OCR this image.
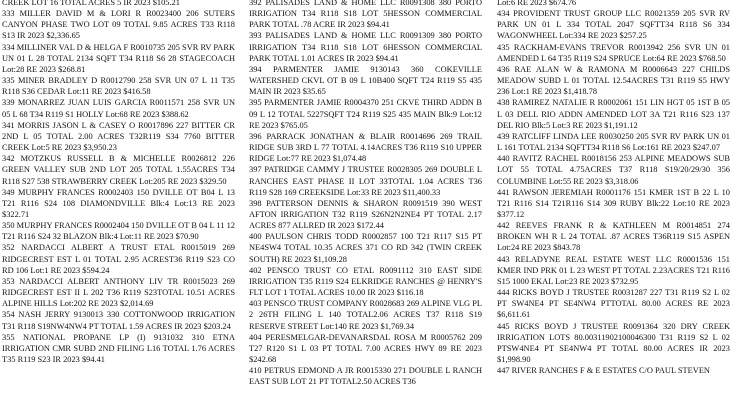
CREEK LOT 16 TOTAL ACRES 5 IR 2023 $105.21

333 MILLER DAVID M & LORI R R0023400 206 SUTERS CANYON PHASE TWO LOT 09 TOTAL 9.85 ACRES T33 R118 S13 IR 2023 $2,336.65

334 MILLINER VAL D & HELGA F R0010735 205 SVR RV PARK UN 01 L 28 TOTAL 2134 SQFT T34 R118 S6 28 STAGECOACH Lot:28 RE 2023 $268.81

335 MINER BRADLEY D R0012790 258 SVR UN 07 L 11 T35 R118 S36 CEDAR Lot:11 RE 2023 $416.58

339 MONARREZ JUAN LUIS GARCIA R0011571 258 SVR UN 05 L 68 T34 R119 S1 HOLLY Lot:68 RE 2023 $388.62

341 MORRIS JASON L & CASEY O R0017896 227 BITTER CR 2ND L 05 TOTAL 2.00 ACRES T32R119 S34 7760 BITTER CREEK Lot:5 RE 2023 $3,950.23

342 MOTZKUS RUSSELL B & MICHELLE R0026812 226 GREEN VALLEY SUB 2ND LOT 205 TOTAL 1.55ACRES T34 R118 S27 538 STRAWBERRY CREEK Lot:205 RE 2023 $329.50

349 MURPHY FRANCES R0002403 150 DVILLE OT B04 L 13 T21 R116 S24 108 DIAMONDVILLE Blk:4 Lot:13 RE 2023 $322.71

350 MURPHY FRANCES R0002404 150 DVILLE OT B 04 L 11 12 T21 R116 S24 32 BLAZON Blk:4 Lot:11 RE 2023 $70.90

352 NARDACCI ALBERT A TRUST ETAL R0015019 269 RIDGECREST EST L 01 TOTAL 2.95 ACREST36 R119 S23 CO RD 106 Lot:1 RE 2023 $594.24

353 NARDACCI ALBERT ANTHONY LIV TR R0015023 269 RIDGECREST EST II L 202 T36 R119 S23TOTAL 10.51 ACRES ALPINE HILLS Lot:202 RE 2023 $2,014.69

354 NASH JERRY 9130013 330 COTTONWOOD IRRIGATION T31 R118 S19NW4NW4 PT TOTAL 1.59 ACRES IR 2023 $203.24

355 NATIONAL PROPANE LP (I) 9131032 310 ETNA IRRIGATION CMR SUBD 2ND FILING L16 TOTAL 1.76 ACRES T35 R119 S23 IR 2023 $94.41

392 PALISADES LAND & HOME LLC R0091308 380 PORTO IRRIGATION T34 R118 S18 LOT 5HESSON COMMERCIAL PARK TOTAL .78 ACRE IR 2023 $94.41

393 PALISADES LAND & HOME LLC R0091309 380 PORTO IRRIGATION T34 R118 S18 LOT 6HESSON COMMERCIAL PARK TOTAL 1.01 ACRES IR 2023 $94.41

394 PARMENTER JAMIE 9130143 360 COKEVILLE WATERSHED CKVL OT B 09 L 10B400 SQFT T24 R119 S5 435 MAIN IR 2023 $35.65

395 PARMENTER JAMIE R0004370 251 CKVE THIRD ADDN B 09 L 12 TOTAL 5227SQFT T24 R119 S25 435 MAIN Blk:9 Lot:12 RE 2023 $765.05

396 PARRACK JONATHAN & BLAIR R0014696 269 TRAIL RIDGE SUB 3RD L 77 TOTAL 4.14ACRES T36 R119 S10 UPPER RIDGE Lot:77 RE 2023 $1,074.48

397 PATRIDGE CAMMY J TRUSTEE R0028305 269 DOUBLE L RANCHES EAST PHASE II LOT 33TOTAL 1.04 ACRES T36 R119 S28 169 CREEKSIDE Lot:33 RE 2023 $11,400.33

398 PATTERSON DENNIS & SHARON R0091519 390 WEST AFTON IRRIGATION T32 R119 S26N2N2NE4 PT TOTAL 2.17 ACRES 877 ALLRED IR 2023 $172.44

400 PAULSON CHRIS TODD R0002857 100 T21 R117 S15 PT NE4SW4 TOTAL 10.35 ACRES 371 CO RD 342 (TWIN CREEK SOUTH) RE 2023 $1,109.28

402 PENSCO TRUST CO ETAL R0091112 310 EAST SIDE IRRIGATION T35 R119 S24 ELKRIDGE RANCHES @ HENRY'S FLT LOT 1 TOTAL ACRES 10.00 IR 2023 $116.18

403 PENSCO TRUST COMPANY R0028683 269 ALPINE VLG PL 2 26TH FILING L 140 TOTAL2.06 ACRES T37 R118 S19 RESERVE STREET Lot:140 RE 2023 $1,769.34

404 PERESMELGAR-DEVANARSDAL ROSA M R0005762 209 T27 R120 S1 L 03 PT TOTAL 7.00 ACRES HWY 89 RE 2023 $242.68

410 PETRUS EDMOND A JR R0015330 271 DOUBLE L RANCH EAST SUB LOT 21 PT TOTAL2.50 ACRES T36

Lot:6 RE 2023 $674.76

434 PROVIDENT TRUST GROUP LLC R0021359 205 SVR RV PARK UN 01 L 334 TOTAL 2047 SQFTT34 R118 S6 334 WAGONWHEEL Lot:334 RE 2023 $257.25

435 RACKHAM-EVANS TREVOR R0013942 256 SVR UN 01 AMENDED L 64 T35 R119 S24 SPRUCE Lot:64 RE 2023 $768.50

436 RAE ALAN W & RAMONA M R0006643 227 CHILDS MEADOW SUBD L 01 TOTAL 12.54ACRES T31 R119 S5 HWY 236 Lot:1 RE 2023 $1,418.78

438 RAMIREZ NATALIE R R0002061 151 LIN HGT 05 1ST B 05 L 03 DELL RIO ADDN AMENDED LOT 3A T21 R116 S23 137 DEL RIO Blk:5 Lot:3 RE 2023 $1,191.12

439 RATCLIFF LINDA LEE R0030250 205 SVR RV PARK UN 01 L 161 TOTAL 2134 SQFTT34 R118 S6 Lot:161 RE 2023 $247.07

440 RAVITZ RACHEL R0018156 253 ALPINE MEADOWS SUB LOT 55 TOTAL 4.75ACRES T37 R118 S19/20/29/30 356 COLUMBINE Lot:55 RE 2023 $3,318.06

441 RAWSON JEREMIAH R0001176 151 KMER 1ST B 22 L 10 T21 R116 S14 T21R116 S14 309 RUBY Blk:22 Lot:10 RE 2023 $377.12

442 REEVES FRANK R & KATHLEEN M R0014851 274 BROKEN WH R L 24 TOTAL .87 ACRES T36R119 S15 ASPEN Lot:24 RE 2023 $843.78

443 RELADYNE REAL ESTATE WEST LLC R0001536 151 KMER IND PRK 01 L 23 WEST PT TOTAL 2.23ACRES T21 R116 S15 1000 EKAL Lot:23 RE 2023 $732.95

444 RICKS BOYD J TRUSTEE R0031287 227 T31 R119 S2 L 02 PT SW4NE4 PT SE4NW4 PTTOTAL 80.00 ACRES RE 2023 $6,611.61

445 RICKS BOYD J TRUSTEE R0091364 320 DRY CREEK IRRIGATION LOTS 80.00311902100046300 T31 R119 S2 L 02 PTSW4NE4 PT SE4NW4 PT TOTAL 80.00 ACRES IR 2023 $1,998.90

447 RIVER RANCHES F & E ESTATES C/O PAUL STEVEN
